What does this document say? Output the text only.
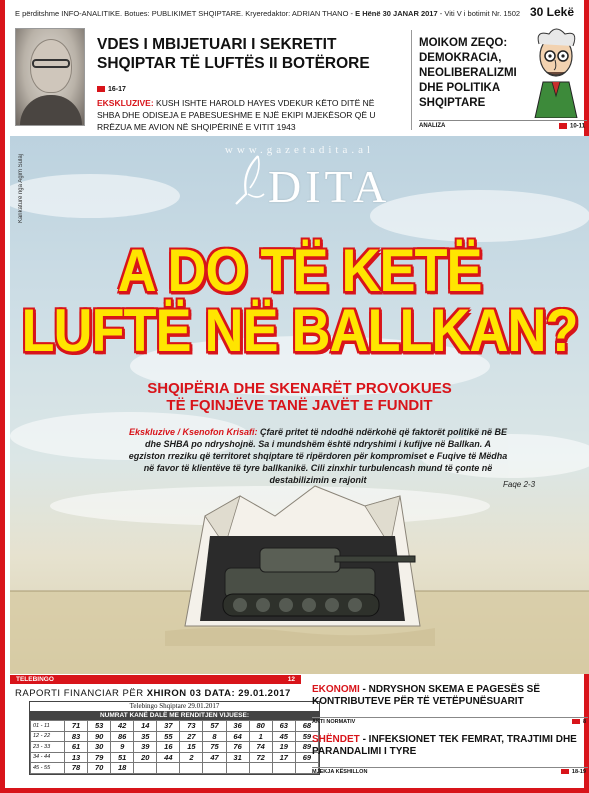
E përditshme INFO-ANALITIKE. Botues: PUBLIKIMET SHQIPTARE. Kryeredaktor: ADRIAN THANO - E Hënë 30 JANAR 2017 - Viti V i botimit Nr. 1502 30 Lekë
VDES I MBIJETUARI I SEKRETIT SHQIPTAR TË LUFTËS II BOTËRORE
16-17
EKSKLUZIVE: KUSH ISHTE HAROLD HAYES VDEKUR KËTO DITË NË SHBA DHE ODISEJA E PABESUESHME E NJË EKIPI MJEKËSOR QË U RRËZUA ME AVION NË SHQIPËRINË E VITIT 1943
MOIKOM ZEQO: DEMOKRACIA, NEOLIBERALIZMI DHE POLITIKA SHQIPTARE
ANALIZA	10-11
Karikaturë nga Agim Sulaj
www.gazetadita.al
DITA
A DO TË KETË
LUFTË NË BALLKAN?
SHQIPËRIA DHE SKENARËT PROVOKUES
TË FQINJËVE TANË JAVËT E FUNDIT
Ekskluzive / Ksenofon Krisafi: Çfarë pritet të ndodhë ndërkohë që faktorët politikë në BE dhe SHBA po ndryshojnë. Sa i mundshëm është ndryshimi i kufijve në Ballkan. A egziston rreziku që territoret shqiptare të ripërdoren për kompromiset e Fuqive të Mëdha në favor të klientëve të tyre ballkanikë. Cili zinxhir turbulencash mund të çonte në destabilizimin e rajonit	Faqe 2-3
TELEBINGO	12
RAPORTI FINANCIAR PËR XHIRON 03 DATA: 29.01.2017
Telebingo Shqiptare 29.01.2017
NUMRAT KANË DALË ME RENDITJEN VIJUESE:
01 - 11	71	53	42	14	37	73	57	36	80	63	68
12 - 22	83	90	86	35	55	27	8	64	1	45	59
23 - 33	61	30	9	39	16	15	75	76	74	19	89
34 - 44	13	79	51	20	44	2	47	31	72	17	69
45 - 55	78	70	18								
EKONOMI - NDRYSHON SKEMA E PAGESËS SË KONTRIBUTEVE PËR TË VETËPUNËSUARIT
AKTI NORMATIV	8
SHËNDET - INFEKSIONET TEK FEMRAT, TRAJTIMI DHE PARANDALIMI I TYRE
MJEKJA KËSHILLON	18-19
